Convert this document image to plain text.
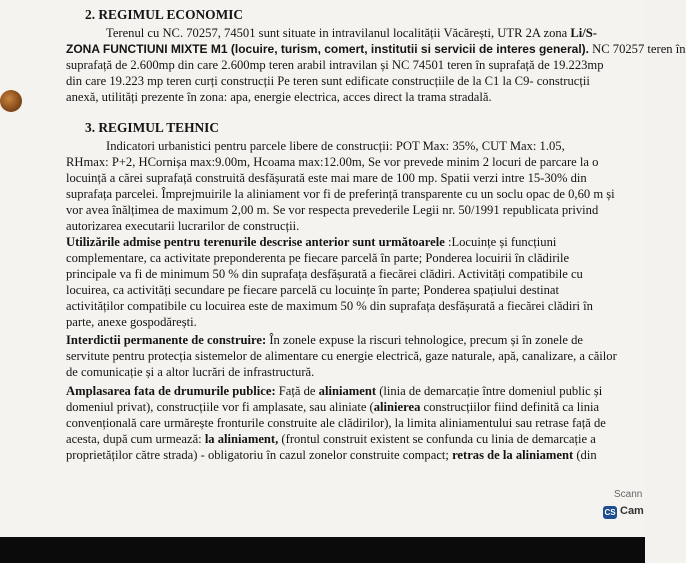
2. REGIMUL ECONOMIC
Terenul cu NC. 70257, 74501 sunt situate in intravilanul localității Văcărești, UTR 2A zona Li/S-
ZONA FUNCTIUNI MIXTE M1 (locuire, turism, comert, institutii si servicii de interes general). NC 70257 teren în
suprafață de 2.600mp din care 2.600mp teren arabil intravilan și NC 74501 teren în suprafață de 19.223mp
din care 19.223 mp teren curți construcții Pe teren sunt edificate construcțiile de la C1 la C9- construcții
anexă, utilități prezente în zona: apa, energie electrica, acces direct la trama stradală.
3. REGIMUL TEHNIC
Indicatori urbanistici pentru parcele libere de construcții: POT Max: 35%, CUT Max: 1.05,
RHmax: P+2, HCornișa max:9.00m, Hcoama max:12.00m, Se vor prevede minim 2 locuri de parcare la o
locuință a cărei suprafață construită desfășurată este mai mare de 100 mp. Spatii verzi intre 15-30% din
suprafața parcelei. Împrejmuirile la aliniament vor fi de preferință transparente cu un soclu opac de 0,60 m și
vor avea înălțimea de maximum 2,00 m. Se vor respecta prevederile Legii nr. 50/1991 republicata privind
autorizarea executarii lucrarilor de construcții.
Utilizările admise pentru terenurile descrise anterior sunt următoarele :Locuințe și funcțiuni
complementare, ca activitate preponderenta pe fiecare parcelă în parte; Ponderea locuirii în clădirile
principale va fi de minimum 50 % din suprafața desfășurată a fiecărei clădiri. Activități compatibile cu
locuirea, ca activități secundare pe fiecare parcelă cu locuințe în parte; Ponderea spațiului destinat
activităților compatibile cu locuirea este de maximum 50 % din suprafața desfășurată a fiecărei clădiri în
parte, anexe gospodărești.
Interdictii permanente de construire: În zonele expuse la riscuri tehnologice, precum și în zonele de
servitute pentru protecția sistemelor de alimentare cu energie electrică, gaze naturale, apă, canalizare, a căilor
de comunicație și a altor lucrări de infrastructură.
Amplasarea fata de drumurile publice: Față de aliniament (linia de demarcație între domeniul public și
domeniul privat), construcțiile vor fi amplasate, sau aliniate (alinierea construcțiilor fiind definită ca linia
convențională care urmărește fronturile construite ale clădirilor), la limita aliniamentului sau retrase față de
acesta, după cum urmează: la aliniament, (frontul construit existent se confunda cu linia de demarcație a
proprietăților către strada) - obligatoriu în cazul zonelor construite compact; retras de la aliniament (din
Scann
CS Cam
